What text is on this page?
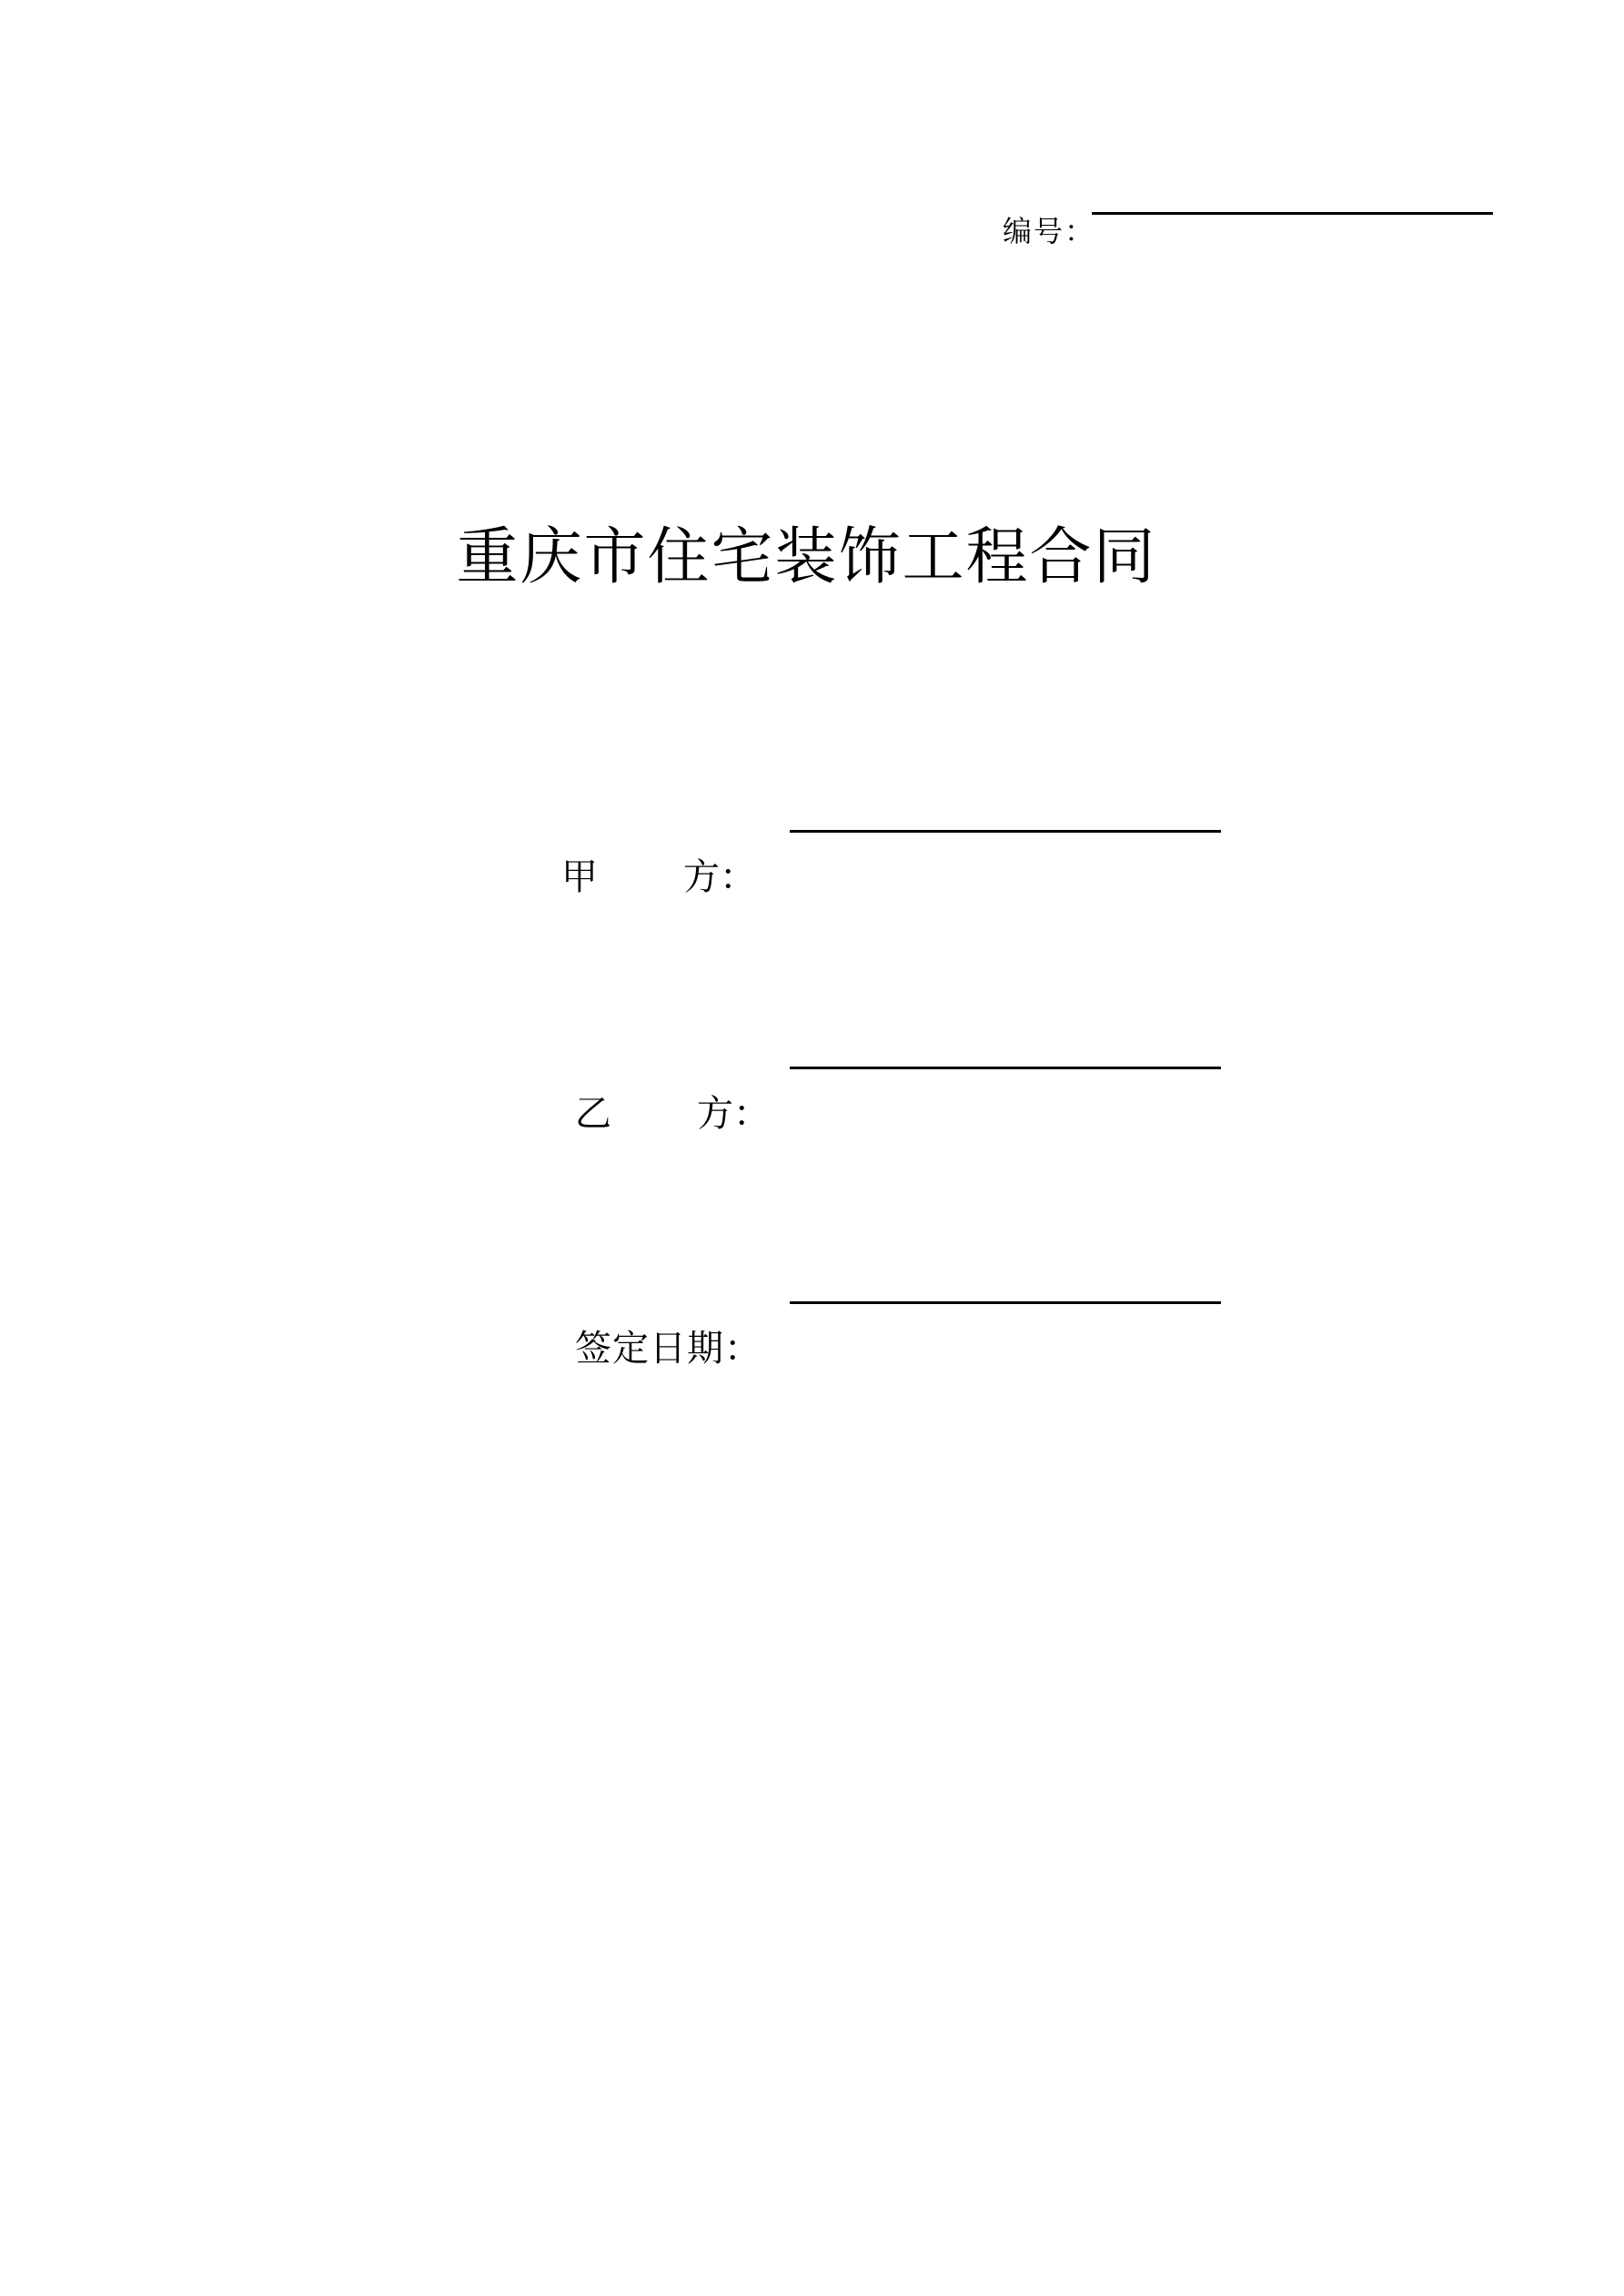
编号：
重庆市住宅装饰工程合同
甲 方：
乙 方：
签定日期：
